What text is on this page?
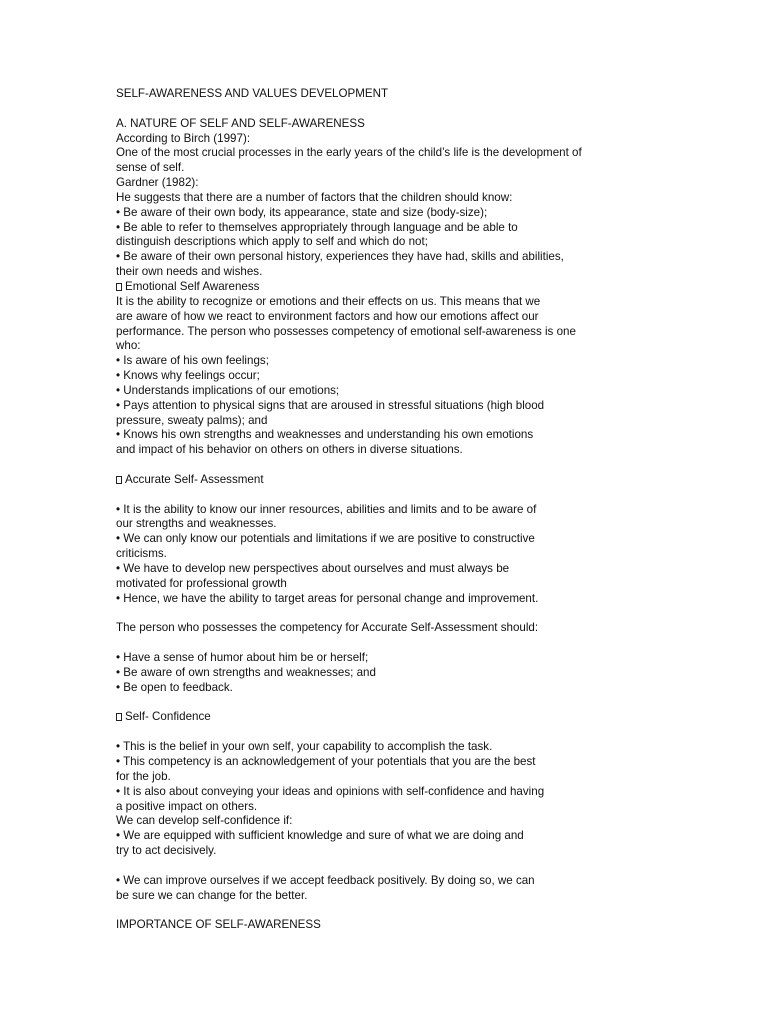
SELF-AWARENESS AND VALUES DEVELOPMENT
A. NATURE OF SELF AND SELF-AWARENESS
According to Birch (1997):
One of the most crucial processes in the early years of the child’s life is the development of
sense of self.
Gardner (1982):
He suggests that there are a number of factors that the children should know:
• Be aware of their own body, its appearance, state and size (body-size);
• Be able to refer to themselves appropriately through language and be able to
distinguish descriptions which apply to self and which do not;
• Be aware of their own personal history, experiences they have had, skills and abilities,
their own needs and wishes.
Emotional Self Awareness
It is the ability to recognize or emotions and their effects on us. This means that we
are aware of how we react to environment factors and how our emotions affect our
performance. The person who possesses competency of emotional self-awareness is one
who:
• Is aware of his own feelings;
• Knows why feelings occur;
• Understands implications of our emotions;
• Pays attention to physical signs that are aroused in stressful situations (high blood
pressure, sweaty palms); and
• Knows his own strengths and weaknesses and understanding his own emotions
and impact of his behavior on others on others in diverse situations.
Accurate Self- Assessment
• It is the ability to know our inner resources, abilities and limits and to be aware of
our strengths and weaknesses.
• We can only know our potentials and limitations if we are positive to constructive
criticisms.
• We have to develop new perspectives about ourselves and must always be
motivated for professional growth
• Hence, we have the ability to target areas for personal change and improvement.
The person who possesses the competency for Accurate Self-Assessment should:
• Have a sense of humor about him be or herself;
• Be aware of own strengths and weaknesses; and
• Be open to feedback.
Self- Confidence
• This is the belief in your own self, your capability to accomplish the task.
• This competency is an acknowledgement of your potentials that you are the best
for the job.
• It is also about conveying your ideas and opinions with self-confidence and having
a positive impact on others.
We can develop self-confidence if:
• We are equipped with sufficient knowledge and sure of what we are doing and
try to act decisively.
• We can improve ourselves if we accept feedback positively. By doing so, we can
be sure we can change for the better.
IMPORTANCE OF SELF-AWARENESS
